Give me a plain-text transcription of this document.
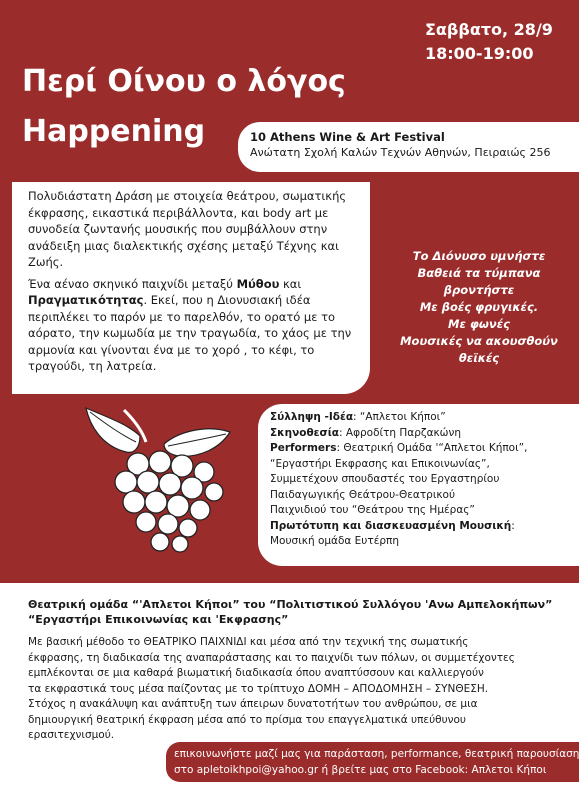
Σαββατο, 28/9
18:00-19:00
Περί Οίνου ο λόγος
Happening	10 Athens Wine & Art Festival
Ανώτατη Σχολή Καλών Τεχνών Αθηνών, Πειραιώς 256

Πολυδιάστατη Δράση με στοιχεία θεάτρου, σωματικής έκφρασης, εικαστικά περιβάλλοντα, και body art με συνοδεία ζωντανής μουσικής που συμβάλλουν στην ανάδειξη μιας διαλεκτικής σχέσης μεταξύ Τέχνης και Ζωής.

Ένα αέναο σκηνικό παιχνίδι μεταξύ Μύθου και Πραγματικότητας. Εκεί, που η Διονυσιακή ιδέα περιπλέκει το παρόν με το παρελθόν, το ορατό με το αόρατο, την κωμωδία με την τραγωδία, το χάος με την αρμονία και γίνονται ένα με το χορό , το κέφι, το τραγούδι, τη λατρεία.

Το Διόνυσο υμνήστε
Βαθειά τα τύμπανα
βροντήστε
Με βοές φρυγικές.
Με φωνές
Μουσικές να ακουσθούν
θεϊκές
Σύλληψη -Ιδέα: “Απλετοι Κήποι”
Σκηνοθεσία: Αφροδίτη Παρζακώνη
Performers: Θεατρική Ομάδα '“Απλετοι Κήποι”,
“Εργαστήρι Εκφρασης και Επικοινωνίας”,
Συμμετέχουν σπουδαστές του Εργαστηρίου
Παιδαγωγικής Θεάτρου-Θεατρικού
Παιχνιδιού του “Θεάτρου της Ημέρας”
Πρωτότυπη και διασκευασμένη Μουσική:
Μουσική ομάδα Ευτέρπη
Θεατρική ομάδα “'Απλετοι Κήποι” του “Πολιτιστικού Συλλόγου 'Ανω Αμπελοκήπων”
“Εργαστήρι Επικοινωνίας και 'Εκφρασης”
Με βασική μέθοδο το ΘΕΑΤΡΙΚΟ ΠΑΙΧΝΙΔΙ και μέσα από την τεχνική της σωματικής
έκφρασης, τη διαδικασία της αναπαράστασης και το παιχνίδι των πόλων, οι συμμετέχοντες
εμπλέκονται σε μια καθαρά βιωματική διαδικασία όπου αναπτύσσουν και καλλιεργούν
τα εκφραστικά τους μέσα παίζοντας με το τρίπτυχο ΔΟΜΗ – ΑΠΟΔΟΜΗΣΗ – ΣΥΝΘΕΣΗ.
Στόχος η ανακάλυψη και ανάπτυξη των άπειρων δυνατοτήτων του ανθρώπου, σε μια
δημιουργική θεατρική έκφραση μέσα από το πρίσμα του επαγγελματικά υπεύθυνου
ερασιτεχνισμού.
επικοινωνήστε μαζί μας για παράσταση, performance, θεατρική παρουσίαση
στο apletoikhpoi@yahoo.gr ή βρείτε μας στο Facebook: Απλετοι Κήποι
